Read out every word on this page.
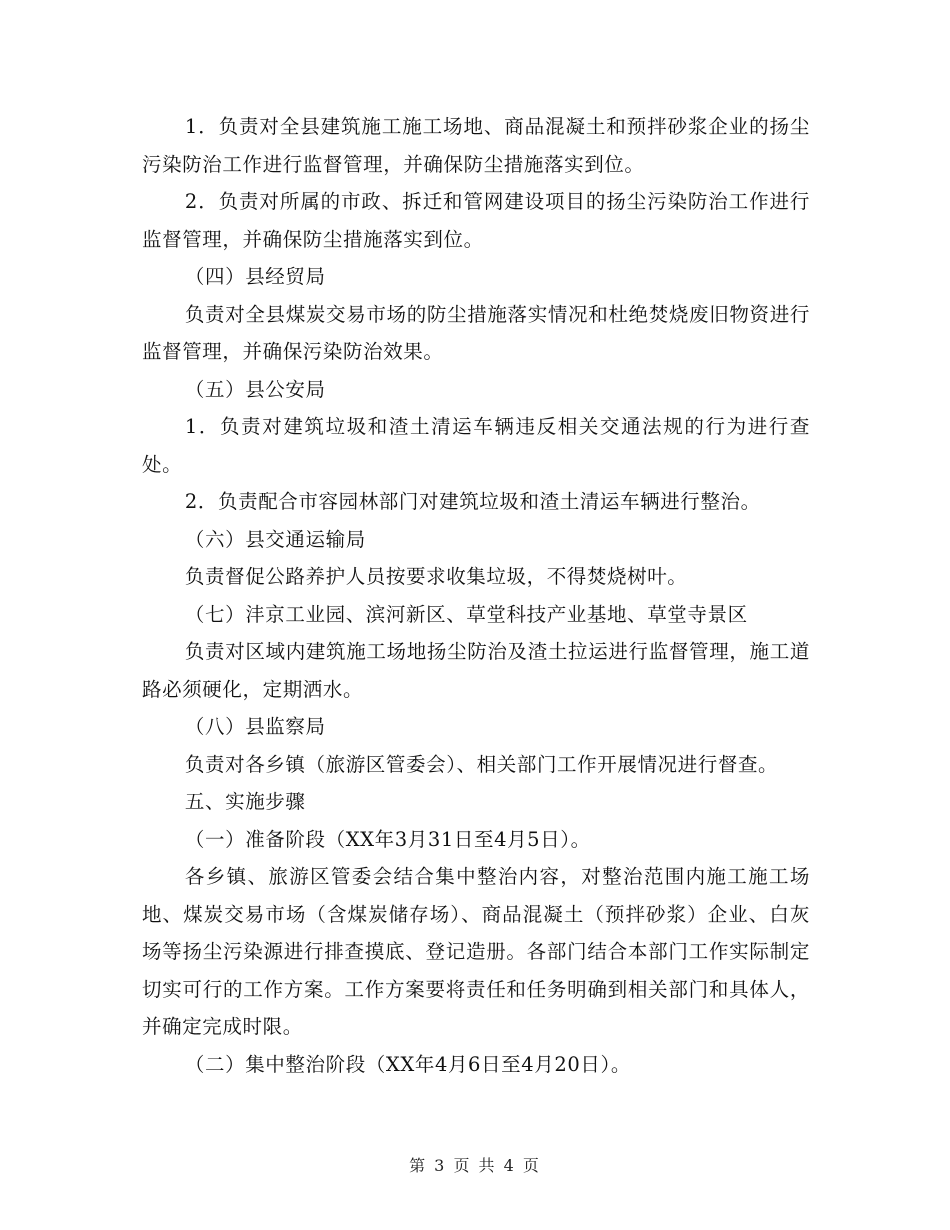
1．负责对全县建筑施工施工场地、商品混凝土和预拌砂浆企业的扬尘污染防治工作进行监督管理，并确保防尘措施落实到位。

2．负责对所属的市政、拆迁和管网建设项目的扬尘污染防治工作进行监督管理，并确保防尘措施落实到位。

（四）县经贸局

负责对全县煤炭交易市场的防尘措施落实情况和杜绝焚烧废旧物资进行监督管理，并确保污染防治效果。

（五）县公安局

1．负责对建筑垃圾和渣土清运车辆违反相关交通法规的行为进行查处。

2．负责配合市容园林部门对建筑垃圾和渣土清运车辆进行整治。

（六）县交通运输局

负责督促公路养护人员按要求收集垃圾，不得焚烧树叶。

（七）沣京工业园、滨河新区、草堂科技产业基地、草堂寺景区

负责对区域内建筑施工场地扬尘防治及渣土拉运进行监督管理，施工道路必须硬化，定期洒水。

（八）县监察局

负责对各乡镇（旅游区管委会）、相关部门工作开展情况进行督查。

五、实施步骤

（一）准备阶段（XX年3月31日至4月5日）。

各乡镇、旅游区管委会结合集中整治内容，对整治范围内施工施工场地、煤炭交易市场（含煤炭储存场）、商品混凝土（预拌砂浆）企业、白灰场等扬尘污染源进行排查摸底、登记造册。各部门结合本部门工作实际制定切实可行的工作方案。工作方案要将责任和任务明确到相关部门和具体人，并确定完成时限。

（二）集中整治阶段（XX年4月6日至4月20日）。

第 3 页 共 4 页
